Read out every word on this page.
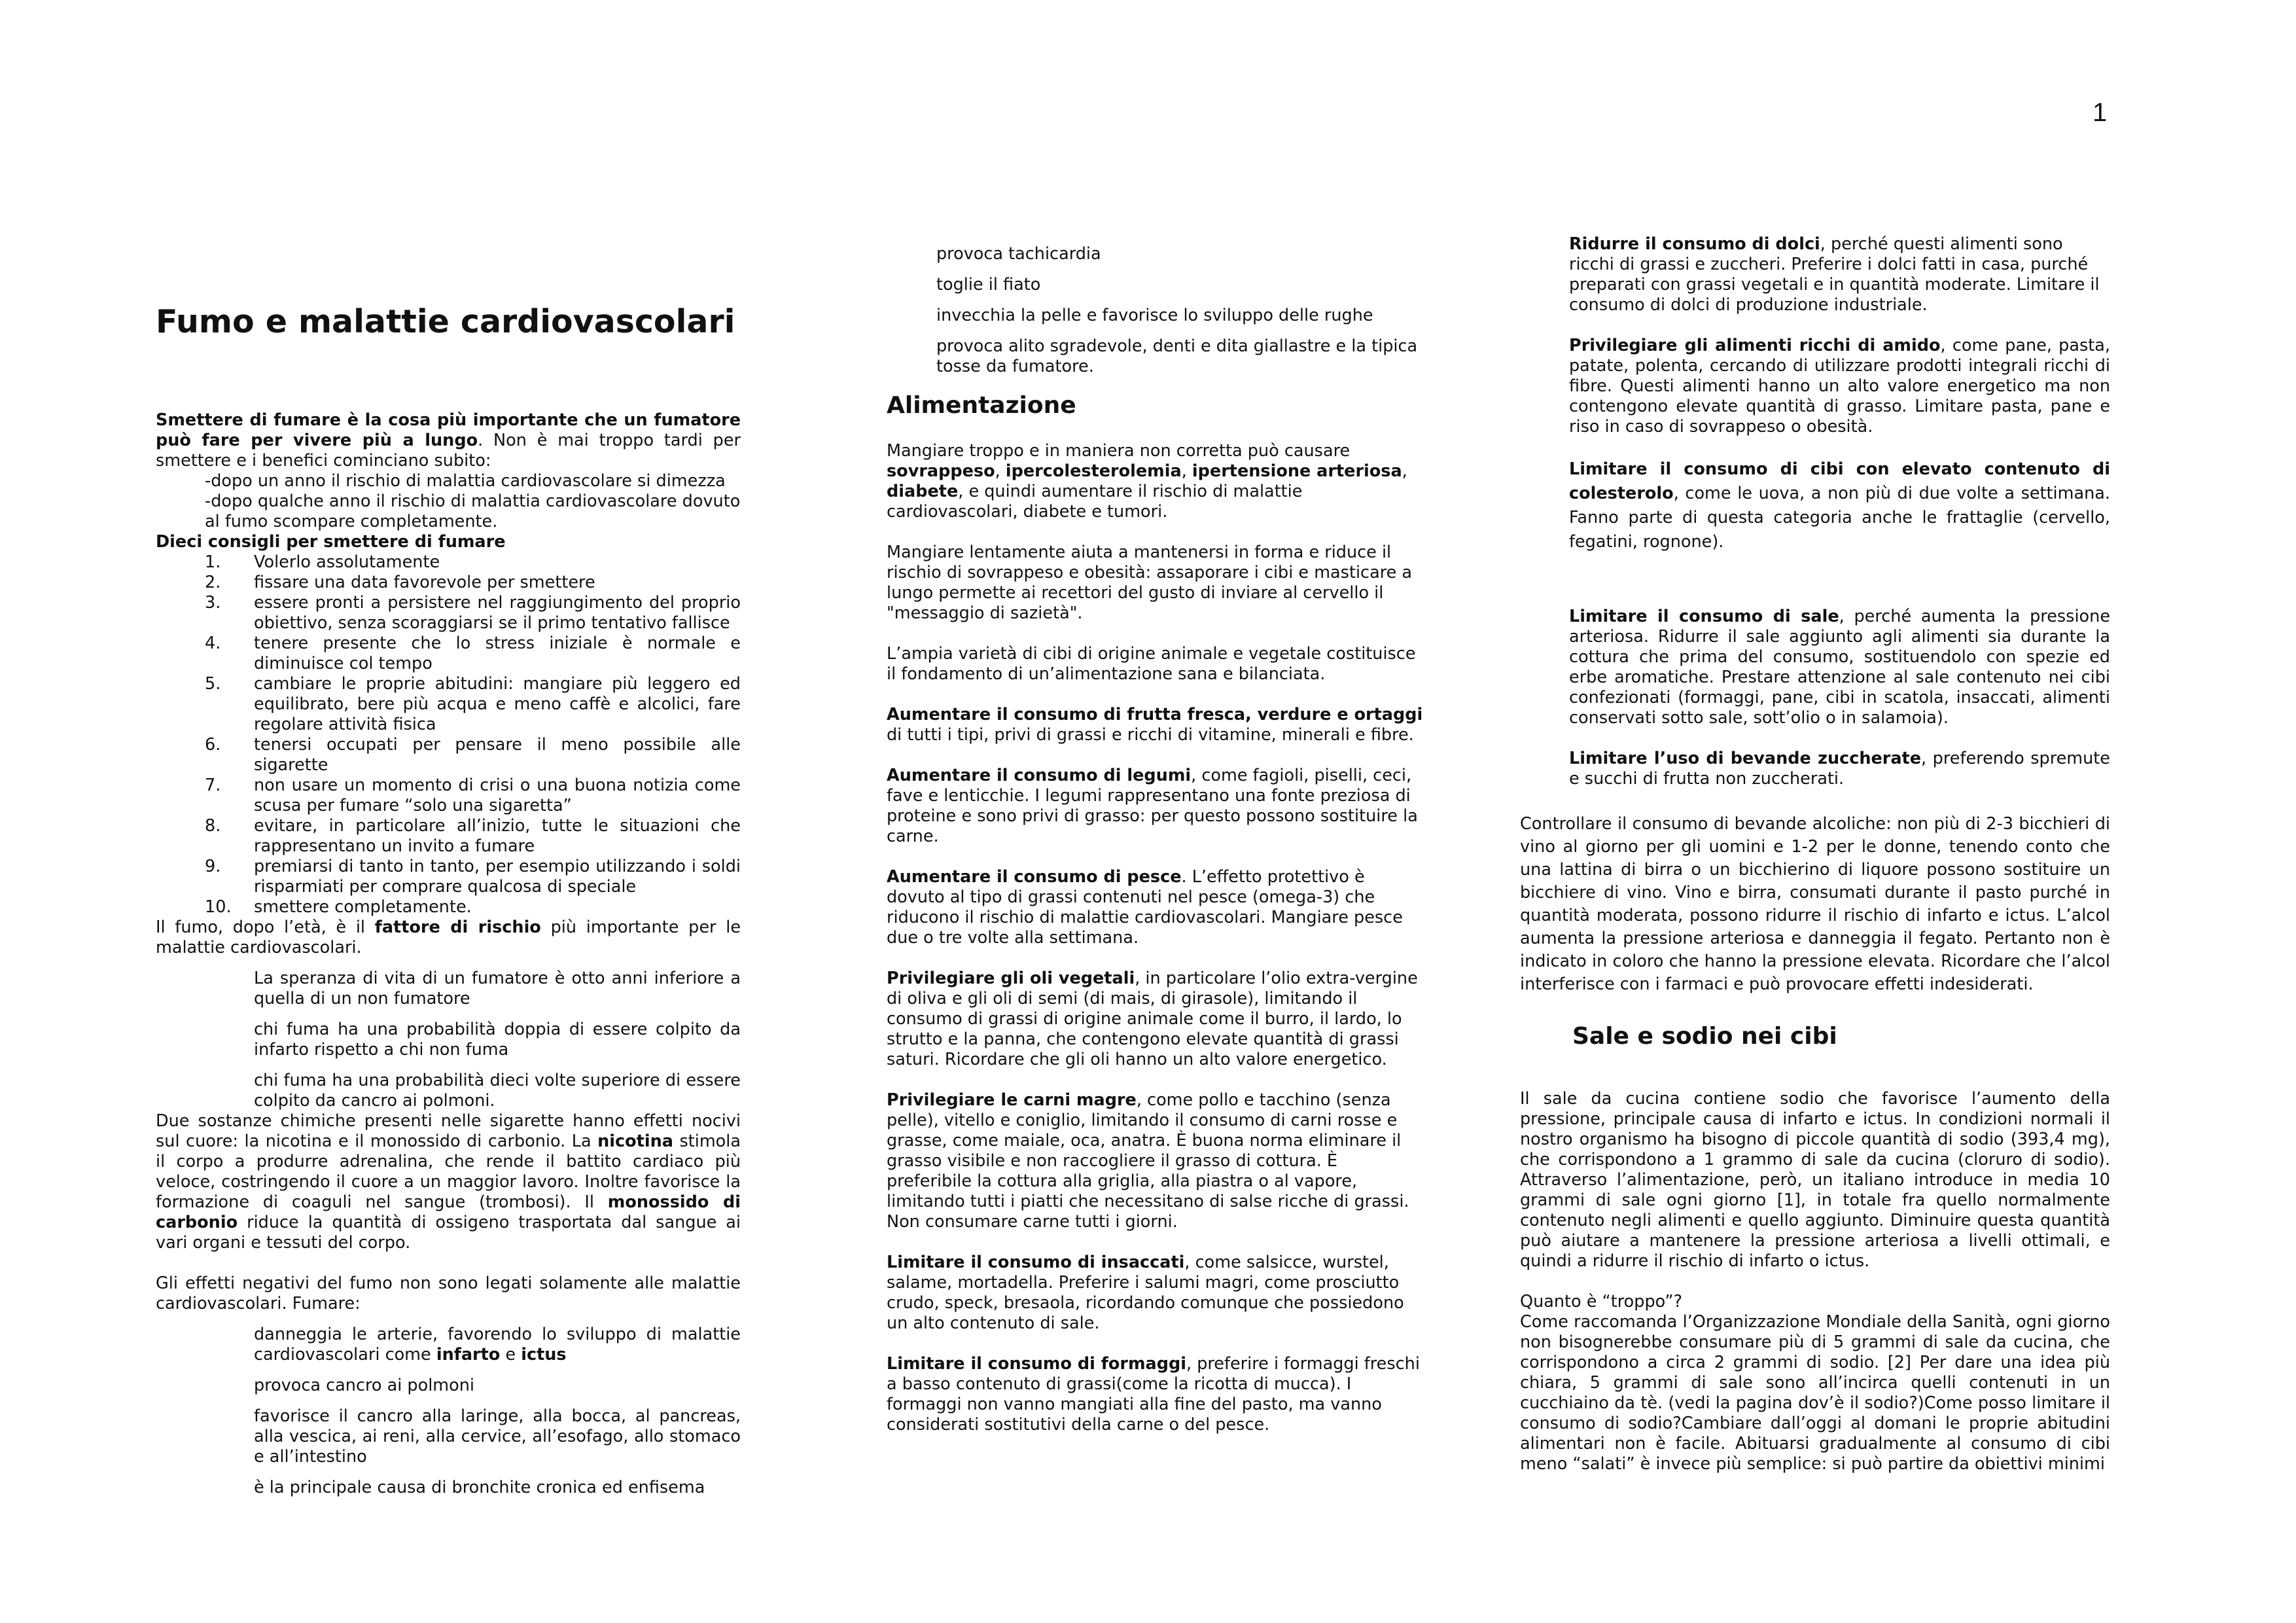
1
Fumo e malattie cardiovascolari

Smettere di fumare è la cosa più importante che un fumatore può fare per vivere più a lungo. Non è mai troppo tardi per smettere e i benefici cominciano subito:

-dopo un anno il rischio di malattia cardiovascolare si dimezza

-dopo qualche anno il rischio di malattia cardiovascolare dovuto al fumo scompare completamente.

Dieci consigli per smettere di fumare

1. Volerlo assolutamente
2. fissare una data favorevole per smettere
3. essere pronti a persistere nel raggiungimento del proprio obiettivo, senza scoraggiarsi se il primo tentativo fallisce
4. tenere presente che lo stress iniziale è normale e diminuisce col tempo
5. cambiare le proprie abitudini: mangiare più leggero ed equilibrato, bere più acqua e meno caffè e alcolici, fare regolare attività fisica
6. tenersi occupati per pensare il meno possibile alle sigarette
7. non usare un momento di crisi o una buona notizia come scusa per fumare “solo una sigaretta”
8. evitare, in particolare all’inizio, tutte le situazioni che rappresentano un invito a fumare
9. premiarsi di tanto in tanto, per esempio utilizzando i soldi risparmiati per comprare qualcosa di speciale
10. smettere completamente.

Il fumo, dopo l’età, è il fattore di rischio più importante per le malattie cardiovascolari.

La speranza di vita di un fumatore è otto anni inferiore a quella di un non fumatore

chi fuma ha una probabilità doppia di essere colpito da infarto rispetto a chi non fuma

chi fuma ha una probabilità dieci volte superiore di essere colpito da cancro ai polmoni.

Due sostanze chimiche presenti nelle sigarette hanno effetti nocivi sul cuore: la nicotina e il monossido di carbonio. La nicotina stimola il corpo a produrre adrenalina, che rende il battito cardiaco più veloce, costringendo il cuore a un maggior lavoro. Inoltre favorisce la formazione di coaguli nel sangue (trombosi). Il monossido di carbonio riduce la quantità di ossigeno trasportata dal sangue ai vari organi e tessuti del corpo.

Gli effetti negativi del fumo non sono legati solamente alle malattie cardiovascolari. Fumare:

danneggia le arterie, favorendo lo sviluppo di malattie cardiovascolari come infarto e ictus

provoca cancro ai polmoni

favorisce il cancro alla laringe, alla bocca, al pancreas, alla vescica, ai reni, alla cervice, all’esofago, allo stomaco e all’intestino

è la principale causa di bronchite cronica ed enfisema

provoca tachicardia

toglie il fiato

invecchia la pelle e favorisce lo sviluppo delle rughe

provoca alito sgradevole, denti e dita giallastre e la tipica tosse da fumatore.

Alimentazione

Mangiare troppo e in maniera non corretta può causare sovrappeso, ipercolesterolemia, ipertensione arteriosa, diabete, e quindi aumentare il rischio di malattie cardiovascolari, diabete e tumori.

Mangiare lentamente aiuta a mantenersi in forma e riduce il rischio di sovrappeso e obesità: assaporare i cibi e masticare a lungo permette ai recettori del gusto di inviare al cervello il "messaggio di sazietà".

L’ampia varietà di cibi di origine animale e vegetale costituisce il fondamento di un’alimentazione sana e bilanciata.

Aumentare il consumo di frutta fresca, verdure e ortaggi di tutti i tipi, privi di grassi e ricchi di vitamine, minerali e fibre.

Aumentare il consumo di legumi, come fagioli, piselli, ceci, fave e lenticchie. I legumi rappresentano una fonte preziosa di proteine e sono privi di grasso: per questo possono sostituire la carne.

Aumentare il consumo di pesce. L’effetto protettivo è dovuto al tipo di grassi contenuti nel pesce (omega-3) che riducono il rischio di malattie cardiovascolari. Mangiare pesce due o tre volte alla settimana.

Privilegiare gli oli vegetali, in particolare l’olio extra-vergine di oliva e gli oli di semi (di mais, di girasole), limitando il consumo di grassi di origine animale come il burro, il lardo, lo strutto e la panna, che contengono elevate quantità di grassi saturi. Ricordare che gli oli hanno un alto valore energetico.

Privilegiare le carni magre, come pollo e tacchino (senza pelle), vitello e coniglio, limitando il consumo di carni rosse e grasse, come maiale, oca, anatra. È buona norma eliminare il grasso visibile e non raccogliere il grasso di cottura. È preferibile la cottura alla griglia, alla piastra o al vapore, limitando tutti i piatti che necessitano di salse ricche di grassi. Non consumare carne tutti i giorni.

Limitare il consumo di insaccati, come salsicce, wurstel, salame, mortadella. Preferire i salumi magri, come prosciutto crudo, speck, bresaola, ricordando comunque che possiedono un alto contenuto di sale.

Limitare il consumo di formaggi, preferire i formaggi freschi a basso contenuto di grassi(come la ricotta di mucca). I formaggi non vanno mangiati alla fine del pasto, ma vanno considerati sostitutivi della carne o del pesce.

Ridurre il consumo di dolci, perché questi alimenti sono ricchi di grassi e zuccheri. Preferire i dolci fatti in casa, purché preparati con grassi vegetali e in quantità moderate. Limitare il consumo di dolci di produzione industriale.

Privilegiare gli alimenti ricchi di amido, come pane, pasta, patate, polenta, cercando di utilizzare prodotti integrali ricchi di fibre. Questi alimenti hanno un alto valore energetico ma non contengono elevate quantità di grasso. Limitare pasta, pane e riso in caso di sovrappeso o obesità.

Limitare il consumo di cibi con elevato contenuto di colesterolo, come le uova, a non più di due volte a settimana. Fanno parte di questa categoria anche le frattaglie (cervello, fegatini, rognone).

Limitare il consumo di sale, perché aumenta la pressione arteriosa. Ridurre il sale aggiunto agli alimenti sia durante la cottura che prima del consumo, sostituendolo con spezie ed erbe aromatiche. Prestare attenzione al sale contenuto nei cibi confezionati (formaggi, pane, cibi in scatola, insaccati, alimenti conservati sotto sale, sott’olio o in salamoia).

Limitare l’uso di bevande zuccherate, preferendo spremute e succhi di frutta non zuccherati.

Controllare il consumo di bevande alcoliche: non più di 2-3 bicchieri di vino al giorno per gli uomini e 1-2 per le donne, tenendo conto che una lattina di birra o un bicchierino di liquore possono sostituire un bicchiere di vino. Vino e birra, consumati durante il pasto purché in quantità moderata, possono ridurre il rischio di infarto e ictus. L’alcol aumenta la pressione arteriosa e danneggia il fegato. Pertanto non è indicato in coloro che hanno la pressione elevata. Ricordare che l’alcol interferisce con i farmaci e può provocare effetti indesiderati.

Sale e sodio nei cibi

Il sale da cucina contiene sodio che favorisce l’aumento della pressione, principale causa di infarto e ictus. In condizioni normali il nostro organismo ha bisogno di piccole quantità di sodio (393,4 mg), che corrispondono a 1 grammo di sale da cucina (cloruro di sodio). Attraverso l’alimentazione, però, un italiano introduce in media 10 grammi di sale ogni giorno [1], in totale fra quello normalmente contenuto negli alimenti e quello aggiunto. Diminuire questa quantità può aiutare a mantenere la pressione arteriosa a livelli ottimali, e quindi a ridurre il rischio di infarto o ictus.

Quanto è “troppo”?

Come raccomanda l’Organizzazione Mondiale della Sanità, ogni giorno non bisognerebbe consumare più di 5 grammi di sale da cucina, che corrispondono a circa 2 grammi di sodio. [2] Per dare una idea più chiara, 5 grammi di sale sono all’incirca quelli contenuti in un cucchiaino da tè. (vedi la pagina dov’è il sodio?)Come posso limitare il consumo di sodio?Cambiare dall’oggi al domani le proprie abitudini alimentari non è facile. Abituarsi gradualmente al consumo di cibi meno “salati” è invece più semplice: si può partire da obiettivi minimi
